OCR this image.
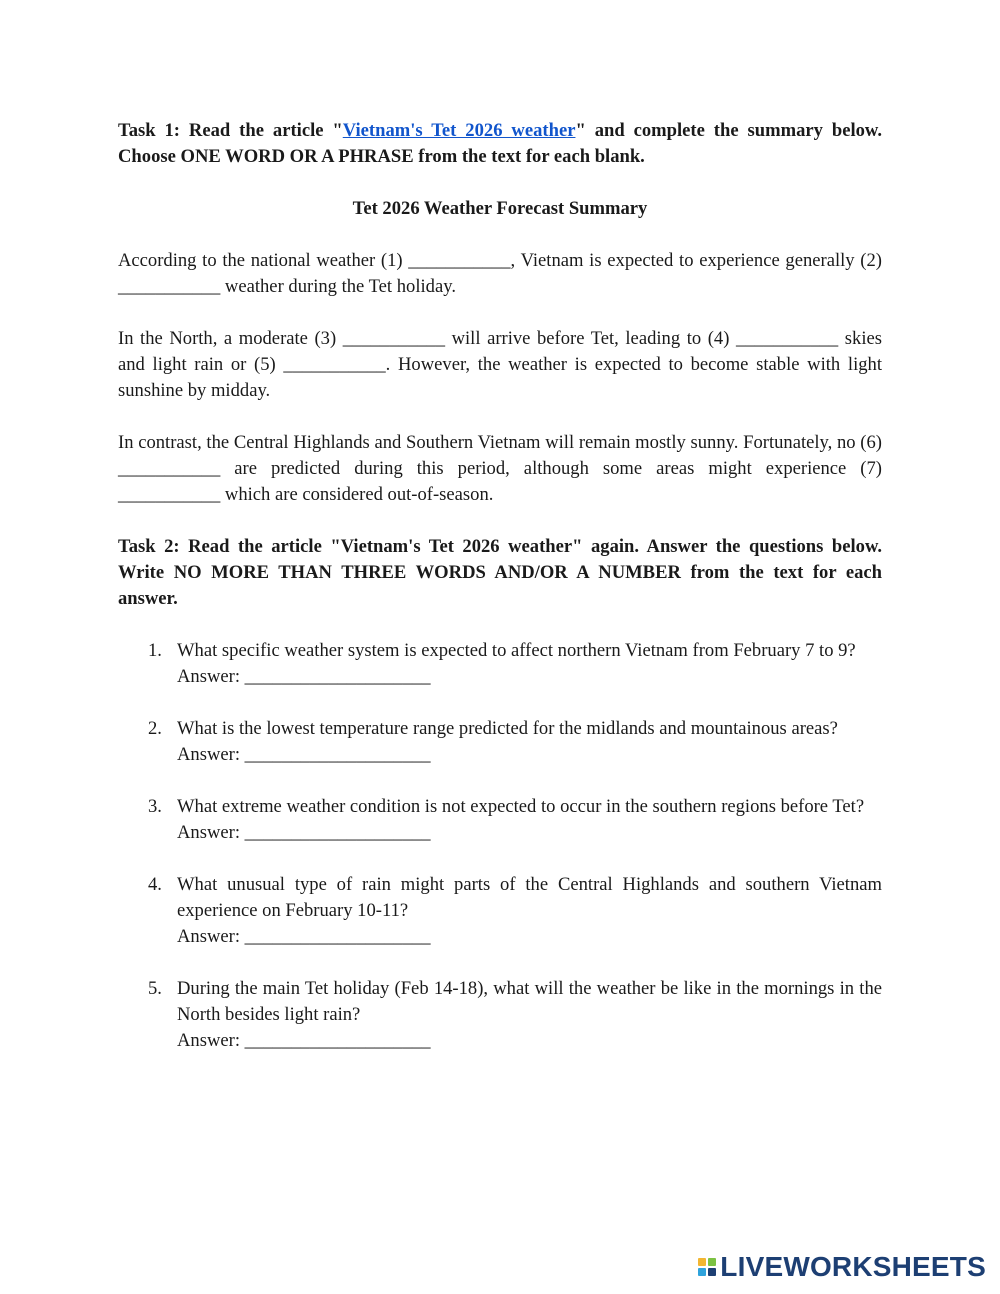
Task 1: Read the article "Vietnam's Tet 2026 weather" and complete the summary below. Choose ONE WORD OR A PHRASE from the text for each blank.

Tet 2026 Weather Forecast Summary

According to the national weather (1) ___________, Vietnam is expected to experience generally (2) ___________ weather during the Tet holiday.

In the North, a moderate (3) ___________ will arrive before Tet, leading to (4) ___________ skies and light rain or (5) ___________. However, the weather is expected to become stable with light sunshine by midday.

In contrast, the Central Highlands and Southern Vietnam will remain mostly sunny. Fortunately, no (6) ___________ are predicted during this period, although some areas might experience (7) ___________ which are considered out-of-season.

Task 2: Read the article "Vietnam's Tet 2026 weather" again. Answer the questions below. Write NO MORE THAN THREE WORDS AND/OR A NUMBER from the text for each answer.

1. What specific weather system is expected to affect northern Vietnam from February 7 to 9?

Answer: ____________________

2. What is the lowest temperature range predicted for the midlands and mountainous areas?

Answer: ____________________

3. What extreme weather condition is not expected to occur in the southern regions before Tet?

Answer: ____________________

4. What unusual type of rain might parts of the Central Highlands and southern Vietnam experience on February 10-11?

Answer: ____________________

5. During the main Tet holiday (Feb 14-18), what will the weather be like in the mornings in the North besides light rain?

Answer: ____________________

LIVEWORKSHEETS
